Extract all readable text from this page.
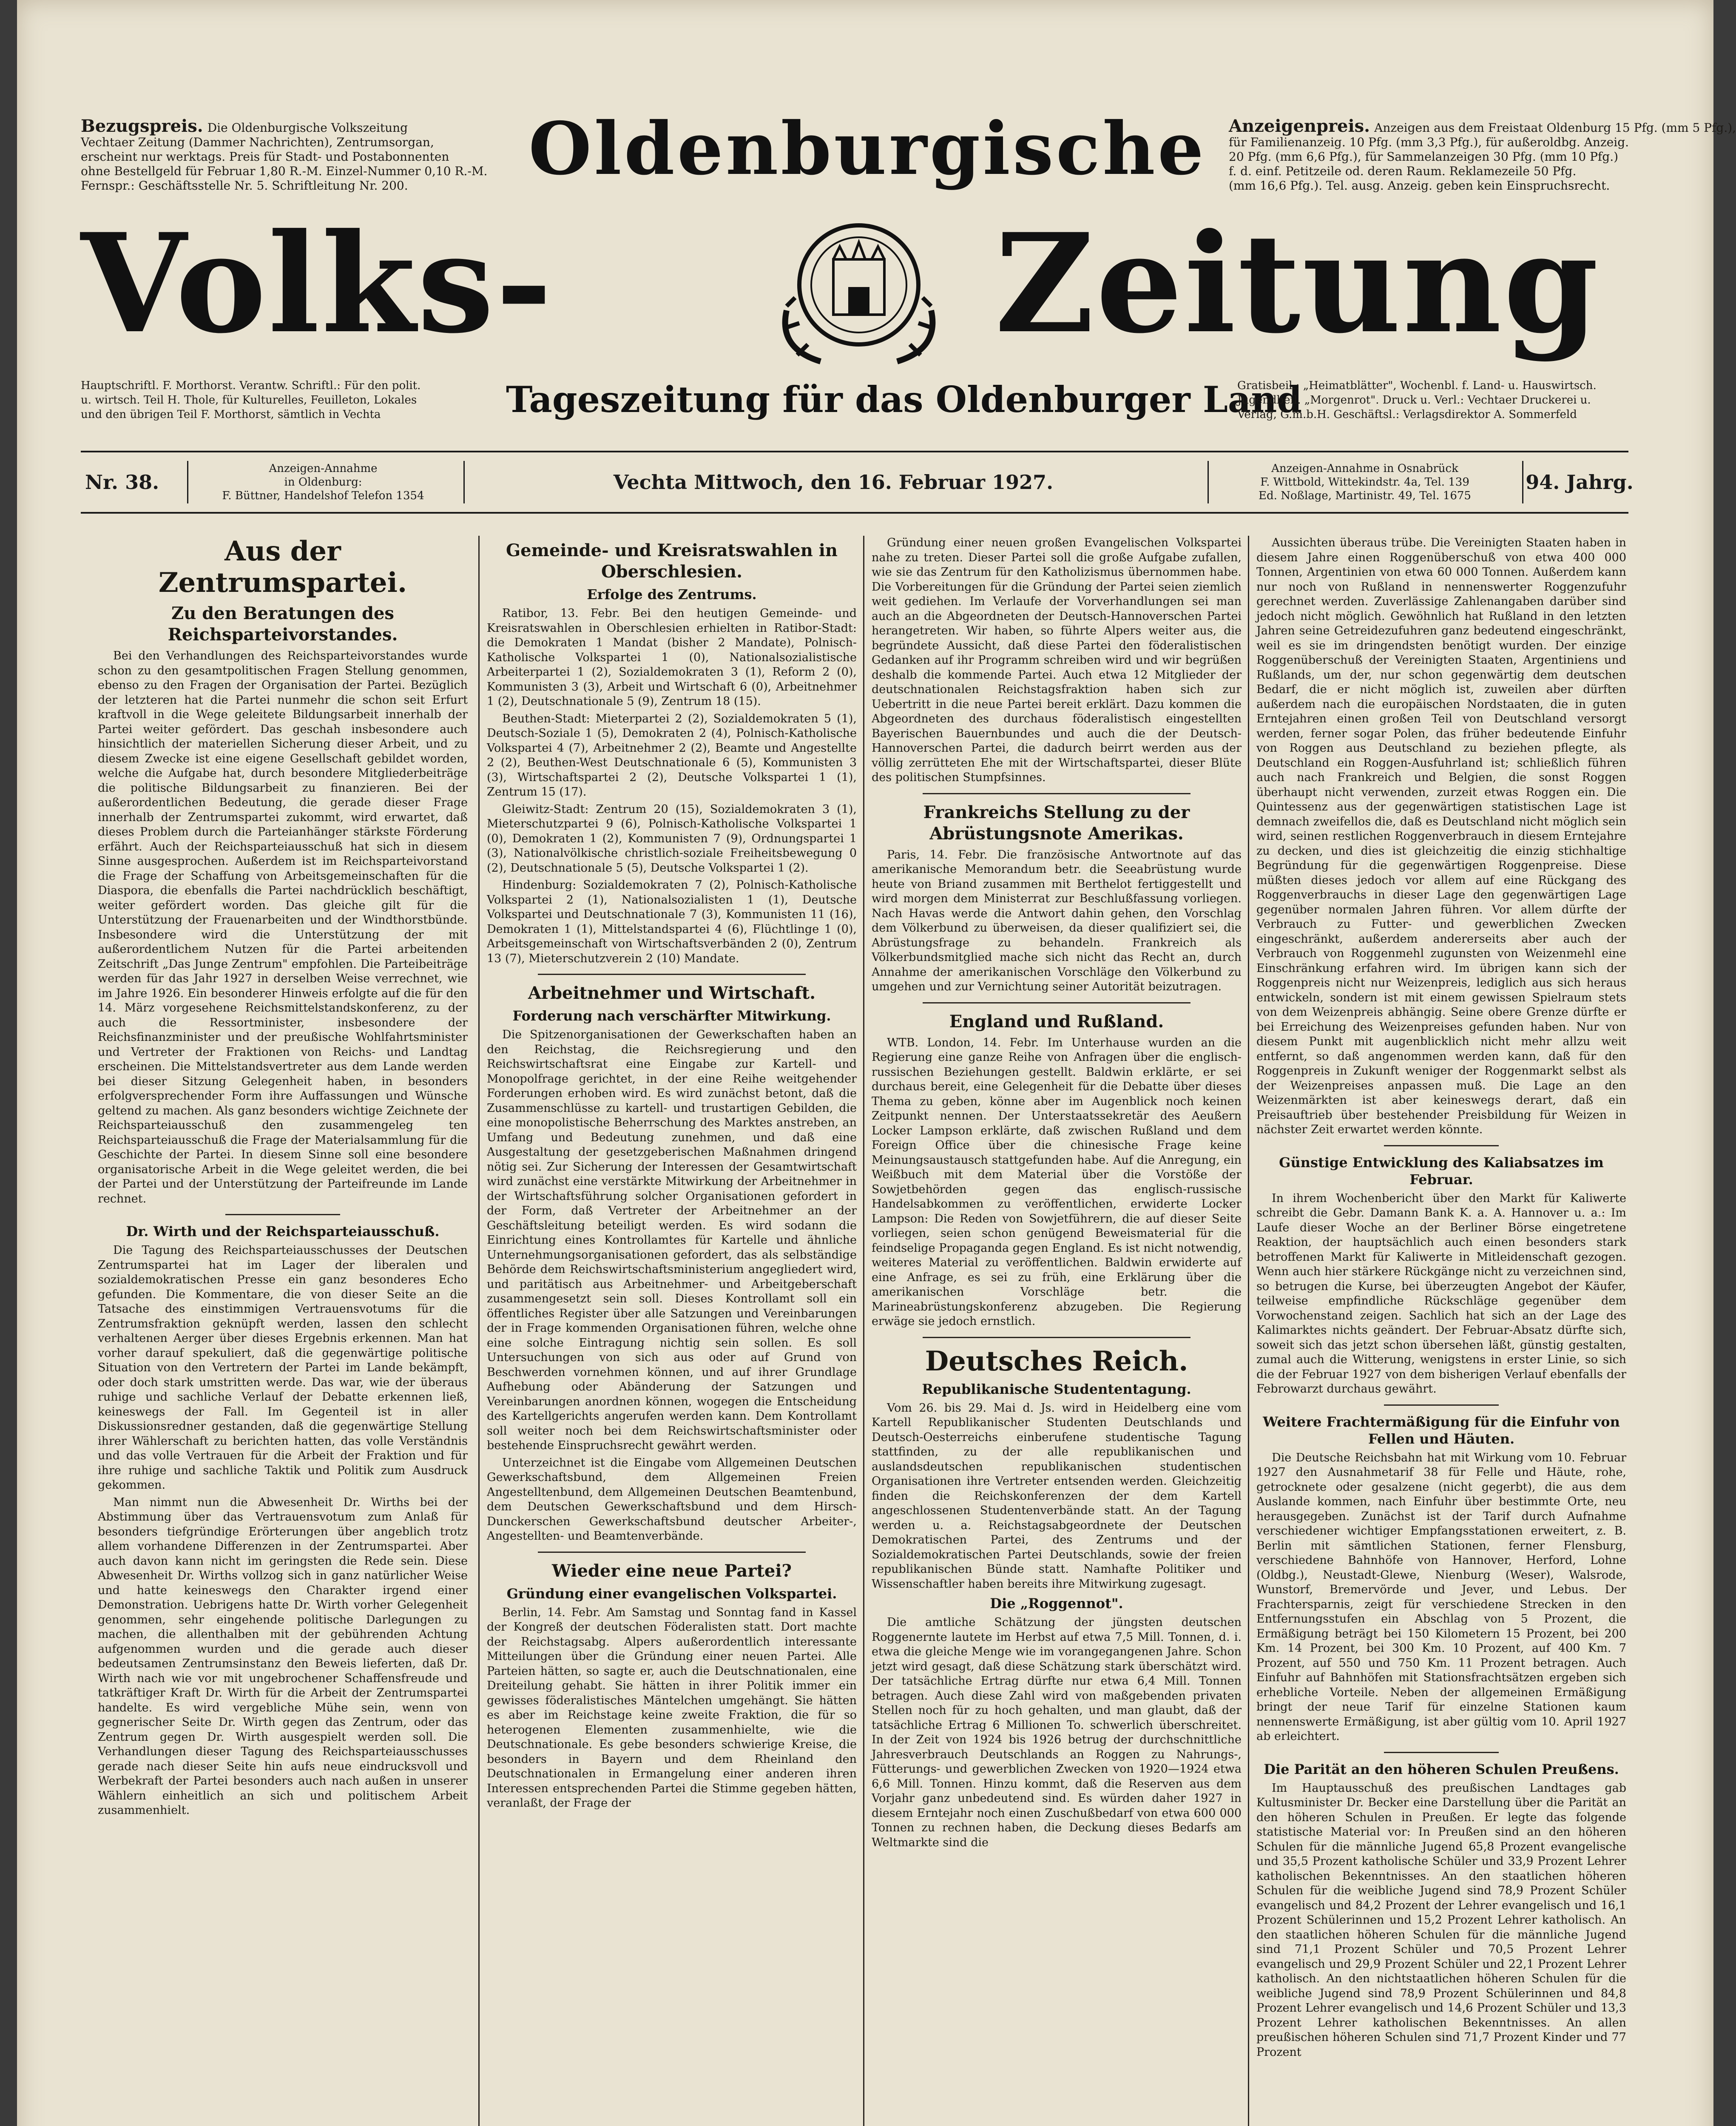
Bezugspreis. Die Oldenburgische Volkszeitung
Vechtaer Zeitung (Dammer Nachrichten), Zentrumsorgan,
erscheint nur werktags. Preis für Stadt- und Postabonnenten
ohne Bestellgeld für Februar 1,80 R.-M. Einzel-Nummer 0,10 R.-M.
Fernspr.: Geschäftsstelle Nr. 5. Schriftleitung Nr. 200.
Anzeigenpreis. Anzeigen aus dem Freistaat Oldenburg 15 Pfg. (mm 5 Pfg.),
für Familienanzeig. 10 Pfg. (mm 3,3 Pfg.), für außeroldbg. Anzeig.
20 Pfg. (mm 6,6 Pfg.), für Sammelanzeigen 30 Pfg. (mm 10 Pfg.)
f. d. einf. Petitzeile od. deren Raum. Reklamezeile 50 Pfg.
(mm 16,6 Pfg.). Tel. ausg. Anzeig. geben kein Einspruchsrecht.
Oldenburgische
Volks-	Zeitung
Tageszeitung für das Oldenburger Land
Hauptschriftl. F. Morthorst. Verantw. Schriftl.: Für den polit.
u. wirtsch. Teil H. Thole, für Kulturelles, Feuilleton, Lokales
und den übrigen Teil F. Morthorst, sämtlich in Vechta
Gratisbeil.: „Heimatblätter", Wochenbl. f. Land- u. Hauswirtsch.
Jugendbeil. „Morgenrot". Druck u. Verl.: Vechtaer Druckerei u.
Verlag, G.m.b.H. Geschäftsl.: Verlagsdirektor A. Sommerfeld
Nr. 38.
Anzeigen-Annahme
in Oldenburg:
F. Büttner, Handelshof Telefon 1354
Vechta Mittwoch, den 16. Februar 1927.
Anzeigen-Annahme in Osnabrück
F. Wittbold, Wittekindstr. 4a, Tel. 139
Ed. Noßlage, Martinistr. 49, Tel. 1675
94. Jahrg.
Aus der Zentrumspartei.
Zu den Beratungen des Reichsparteivorstandes.

Bei den Verhandlungen des Reichsparteivorstandes wurde schon zu den gesamtpolitischen Fragen Stellung genommen, ebenso zu den Fragen der Organisation der Partei. Bezüglich der letzteren hat die Partei nunmehr die schon seit Erfurt kraftvoll in die Wege geleitete Bildungsarbeit innerhalb der Partei weiter gefördert. Das geschah insbesondere auch hinsichtlich der materiellen Sicherung dieser Arbeit, und zu diesem Zwecke ist eine eigene Gesellschaft gebildet worden, welche die Aufgabe hat, durch besondere Mitgliederbeiträge die politische Bildungsarbeit zu finanzieren. Bei der außerordentlichen Bedeutung, die gerade dieser Frage innerhalb der Zentrumspartei zukommt, wird erwartet, daß dieses Problem durch die Parteianhänger stärkste Förderung erfährt. Auch der Reichsparteiausschuß hat sich in diesem Sinne ausgesprochen. Außerdem ist im Reichsparteivorstand die Frage der Schaffung von Arbeitsgemeinschaften für die Diaspora, die ebenfalls die Partei nachdrücklich beschäftigt, weiter gefördert worden. Das gleiche gilt für die Unterstützung der Frauenarbeiten und der Windthorstbünde. Insbesondere wird die Unterstützung der mit außerordentlichem Nutzen für die Partei arbeitenden Zeitschrift „Das Junge Zentrum" empfohlen. Die Parteibeiträge werden für das Jahr 1927 in derselben Weise verrechnet, wie im Jahre 1926. Ein besonderer Hinweis erfolgte auf die für den 14. März vorgesehene Reichsmittelstandskonferenz, zu der auch die Ressortminister, insbesondere der Reichsfinanzminister und der preußische Wohlfahrtsminister und Vertreter der Fraktionen von Reichs- und Landtag erscheinen. Die Mittelstandsvertreter aus dem Lande werden bei dieser Sitzung Gelegenheit haben, in besonders erfolgversprechender Form ihre Auffassungen und Wünsche geltend zu machen. Als ganz besonders wichtige Zeichnete der Reichsparteiausschuß den zusammengeleg ten Reichsparteiausschuß die Frage der Materialsammlung für die Geschichte der Partei. In diesem Sinne soll eine besondere organisatorische Arbeit in die Wege geleitet werden, die bei der Partei und der Unterstützung der Parteifreunde im Lande rechnet.

Dr. Wirth und der Reichsparteiausschuß.

Die Tagung des Reichsparteiausschusses der Deutschen Zentrumspartei hat im Lager der liberalen und sozialdemokratischen Presse ein ganz besonderes Echo gefunden. Die Kommentare, die von dieser Seite an die Tatsache des einstimmigen Vertrauensvotums für die Zentrumsfraktion geknüpft werden, lassen den schlecht verhaltenen Aerger über dieses Ergebnis erkennen. Man hat vorher darauf spekuliert, daß die gegenwärtige politische Situation von den Vertretern der Partei im Lande bekämpft, oder doch stark umstritten werde. Das war, wie der überaus ruhige und sachliche Verlauf der Debatte erkennen ließ, keineswegs der Fall. Im Gegenteil ist in aller Diskussionsredner gestanden, daß die gegenwärtige Stellung ihrer Wählerschaft zu berichten hatten, das volle Verständnis und das volle Vertrauen für die Arbeit der Fraktion und für ihre ruhige und sachliche Taktik und Politik zum Ausdruck gekommen.

Man nimmt nun die Abwesenheit Dr. Wirths bei der Abstimmung über das Vertrauensvotum zum Anlaß für besonders tiefgründige Erörterungen über angeblich trotz allem vorhandene Differenzen in der Zentrumspartei. Aber auch davon kann nicht im geringsten die Rede sein. Diese Abwesenheit Dr. Wirths vollzog sich in ganz natürlicher Weise und hatte keineswegs den Charakter irgend einer Demonstration. Uebrigens hatte Dr. Wirth vorher Gelegenheit genommen, sehr eingehende politische Darlegungen zu machen, die allenthalben mit der gebührenden Achtung aufgenommen wurden und die gerade auch dieser bedeutsamen Zentrumsinstanz den Beweis lieferten, daß Dr. Wirth nach wie vor mit ungebrochener Schaffensfreude und tatkräftiger Kraft Dr. Wirth für die Arbeit der Zentrumspartei handelte. Es wird vergebliche Mühe sein, wenn von gegnerischer Seite Dr. Wirth gegen das Zentrum, oder das Zentrum gegen Dr. Wirth ausgespielt werden soll. Die Verhandlungen dieser Tagung des Reichsparteiausschusses gerade nach dieser Seite hin aufs neue eindrucksvoll und Werbekraft der Partei besonders auch nach außen in unserer Wählern einheitlich an sich und politischem Arbeit zusammenhielt.

Gemeinde- und Kreisratswahlen in Oberschlesien.
Erfolge des Zentrums.

Ratibor, 13. Febr. Bei den heutigen Gemeinde- und Kreisratswahlen in Oberschlesien erhielten in Ratibor-Stadt: die Demokraten 1 Mandat (bisher 2 Mandate), Polnisch-Katholische Volkspartei 1 (0), Nationalsozialistische Arbeiterpartei 1 (2), Sozialdemokraten 3 (1), Reform 2 (0), Kommunisten 3 (3), Arbeit und Wirtschaft 6 (0), Arbeitnehmer 1 (2), Deutschnationale 5 (9), Zentrum 18 (15).

Beuthen-Stadt: Mieterpartei 2 (2), Sozialdemokraten 5 (1), Deutsch-Soziale 1 (5), Demokraten 2 (4), Polnisch-Katholische Volkspartei 4 (7), Arbeitnehmer 2 (2), Beamte und Angestellte 2 (2), Beuthen-West Deutschnationale 6 (5), Kommunisten 3 (3), Wirtschaftspartei 2 (2), Deutsche Volkspartei 1 (1), Zentrum 15 (17).

Gleiwitz-Stadt: Zentrum 20 (15), Sozialdemokraten 3 (1), Mieterschutzpartei 9 (6), Polnisch-Katholische Volkspartei 1 (0), Demokraten 1 (2), Kommunisten 7 (9), Ordnungspartei 1 (3), Nationalvölkische christlich-soziale Freiheitsbewegung 0 (2), Deutschnationale 5 (5), Deutsche Volkspartei 1 (2).

Hindenburg: Sozialdemokraten 7 (2), Polnisch-Katholische Volkspartei 2 (1), Nationalsozialisten 1 (1), Deutsche Volkspartei und Deutschnationale 7 (3), Kommunisten 11 (16), Demokraten 1 (1), Mittelstandspartei 4 (6), Flüchtlinge 1 (0), Arbeitsgemeinschaft von Wirtschaftsverbänden 2 (0), Zentrum 13 (7), Mieterschutzverein 2 (10) Mandate.

Arbeitnehmer und Wirtschaft.
Forderung nach verschärfter Mitwirkung.

Die Spitzenorganisationen der Gewerkschaften haben an den Reichstag, die Reichsregierung und den Reichswirtschaftsrat eine Eingabe zur Kartell- und Monopolfrage gerichtet, in der eine Reihe weitgehender Forderungen erhoben wird. Es wird zunächst betont, daß die Zusammenschlüsse zu kartell- und trustartigen Gebilden, die eine monopolistische Beherrschung des Marktes anstreben, an Umfang und Bedeutung zunehmen, und daß eine Ausgestaltung der gesetzgeberischen Maßnahmen dringend nötig sei. Zur Sicherung der Interessen der Gesamtwirtschaft wird zunächst eine verstärkte Mitwirkung der Arbeitnehmer in der Wirtschaftsführung solcher Organisationen gefordert in der Form, daß Vertreter der Arbeitnehmer an der Geschäftsleitung beteiligt werden. Es wird sodann die Einrichtung eines Kontrollamtes für Kartelle und ähnliche Unternehmungsorganisationen gefordert, das als selbständige Behörde dem Reichswirtschaftsministerium angegliedert wird, und paritätisch aus Arbeitnehmer- und Arbeitgeberschaft zusammengesetzt sein soll. Dieses Kontrollamt soll ein öffentliches Register über alle Satzungen und Vereinbarungen der in Frage kommenden Organisationen führen, welche ohne eine solche Eintragung nichtig sein sollen. Es soll Untersuchungen von sich aus oder auf Grund von Beschwerden vornehmen können, und auf ihrer Grundlage Aufhebung oder Abänderung der Satzungen und Vereinbarungen anordnen können, wogegen die Entscheidung des Kartellgerichts angerufen werden kann. Dem Kontrollamt soll weiter noch bei dem Reichswirtschaftsminister oder bestehende Einspruchsrecht gewährt werden.

Unterzeichnet ist die Eingabe vom Allgemeinen Deutschen Gewerkschaftsbund, dem Allgemeinen Freien Angestelltenbund, dem Allgemeinen Deutschen Beamtenbund, dem Deutschen Gewerkschaftsbund und dem Hirsch-Dunckerschen Gewerkschaftsbund deutscher Arbeiter-, Angestellten- und Beamtenverbände.

Wieder eine neue Partei?
Gründung einer evangelischen Volkspartei.

Berlin, 14. Febr. Am Samstag und Sonntag fand in Kassel der Kongreß der deutschen Föderalisten statt. Dort machte der Reichstagsabg. Alpers außerordentlich interessante Mitteilungen über die Gründung einer neuen Partei. Alle Parteien hätten, so sagte er, auch die Deutschnationalen, eine Dreiteilung gehabt. Sie hätten in ihrer Politik immer ein gewisses föderalistisches Mäntelchen umgehängt. Sie hätten es aber im Reichstage keine zweite Fraktion, die für so heterogenen Elementen zusammenhielte, wie die Deutschnationale. Es gebe besonders schwierige Kreise, die besonders in Bayern und dem Rheinland den Deutschnationalen in Ermangelung einer anderen ihren Interessen entsprechenden Partei die Stimme gegeben hätten, veranlaßt, der Frage der

Gründung einer neuen großen Evangelischen Volkspartei nahe zu treten. Dieser Partei soll die große Aufgabe zufallen, wie sie das Zentrum für den Katholizismus übernommen habe. Die Vorbereitungen für die Gründung der Partei seien ziemlich weit gediehen. Im Verlaufe der Vorverhandlungen sei man auch an die Abgeordneten der Deutsch-Hannoverschen Partei herangetreten. Wir haben, so führte Alpers weiter aus, die begründete Aussicht, daß diese Partei den föderalistischen Gedanken auf ihr Programm schreiben wird und wir begrüßen deshalb die kommende Partei. Auch etwa 12 Mitglieder der deutschnationalen Reichstagsfraktion haben sich zur Uebertritt in die neue Partei bereit erklärt. Dazu kommen die Abgeordneten des durchaus föderalistisch eingestellten Bayerischen Bauernbundes und auch die der Deutsch-Hannoverschen Partei, die dadurch beirrt werden aus der völlig zerrütteten Ehe mit der Wirtschaftspartei, dieser Blüte des politischen Stumpfsinnes.

Frankreichs Stellung zu der Abrüstungsnote Amerikas.

Paris, 14. Febr. Die französische Antwortnote auf das amerikanische Memorandum betr. die Seeabrüstung wurde heute von Briand zusammen mit Berthelot fertiggestellt und wird morgen dem Ministerrat zur Beschlußfassung vorliegen. Nach Havas werde die Antwort dahin gehen, den Vorschlag dem Völkerbund zu überweisen, da dieser qualifiziert sei, die Abrüstungsfrage zu behandeln. Frankreich als Völkerbundsmitglied mache sich nicht das Recht an, durch Annahme der amerikanischen Vorschläge den Völkerbund zu umgehen und zur Vernichtung seiner Autorität beizutragen.

England und Rußland.

WTB. London, 14. Febr. Im Unterhause wurden an die Regierung eine ganze Reihe von Anfragen über die englisch-russischen Beziehungen gestellt. Baldwin erklärte, er sei durchaus bereit, eine Gelegenheit für die Debatte über dieses Thema zu geben, könne aber im Augenblick noch keinen Zeitpunkt nennen. Der Unterstaatssekretär des Aeußern Locker Lampson erklärte, daß zwischen Rußland und dem Foreign Office über die chinesische Frage keine Meinungsaustausch stattgefunden habe. Auf die Anregung, ein Weißbuch mit dem Material über die Vorstöße der Sowjetbehörden gegen das englisch-russische Handelsabkommen zu veröffentlichen, erwiderte Locker Lampson: Die Reden von Sowjetführern, die auf dieser Seite vorliegen, seien schon genügend Beweismaterial für die feindselige Propaganda gegen England. Es ist nicht notwendig, weiteres Material zu veröffentlichen. Baldwin erwiderte auf eine Anfrage, es sei zu früh, eine Erklärung über die amerikanischen Vorschläge betr. die Marineabrüstungskonferenz abzugeben. Die Regierung erwäge sie jedoch ernstlich.

Deutsches Reich.
Republikanische Studententagung.

Vom 26. bis 29. Mai d. Js. wird in Heidelberg eine vom Kartell Republikanischer Studenten Deutschlands und Deutsch-Oesterreichs einberufene studentische Tagung stattfinden, zu der alle republikanischen und auslandsdeutschen republikanischen studentischen Organisationen ihre Vertreter entsenden werden. Gleichzeitig finden die Reichskonferenzen der dem Kartell angeschlossenen Studentenverbände statt. An der Tagung werden u. a. Reichstagsabgeordnete der Deutschen Demokratischen Partei, des Zentrums und der Sozialdemokratischen Partei Deutschlands, sowie der freien republikanischen Bünde statt. Namhafte Politiker und Wissenschaftler haben bereits ihre Mitwirkung zugesagt.

Die „Roggennot".

Die amtliche Schätzung der jüngsten deutschen Roggenernte lautete im Herbst auf etwa 7,5 Mill. Tonnen, d. i. etwa die gleiche Menge wie im vorangegangenen Jahre. Schon jetzt wird gesagt, daß diese Schätzung stark überschätzt wird. Der tatsächliche Ertrag dürfte nur etwa 6,4 Mill. Tonnen betragen. Auch diese Zahl wird von maßgebenden privaten Stellen noch für zu hoch gehalten, und man glaubt, daß der tatsächliche Ertrag 6 Millionen To. schwerlich überschreitet. In der Zeit von 1924 bis 1926 betrug der durchschnittliche Jahresverbrauch Deutschlands an Roggen zu Nahrungs-, Fütterungs- und gewerblichen Zwecken von 1920—1924 etwa 6,6 Mill. Tonnen. Hinzu kommt, daß die Reserven aus dem Vorjahr ganz unbedeutend sind. Es würden daher 1927 in diesem Erntejahr noch einen Zuschußbedarf von etwa 600 000 Tonnen zu rechnen haben, die Deckung dieses Bedarfs am Weltmarkte sind die

Aussichten überaus trübe. Die Vereinigten Staaten haben in diesem Jahre einen Roggenüberschuß von etwa 400 000 Tonnen, Argentinien von etwa 60 000 Tonnen. Außerdem kann nur noch von Rußland in nennenswerter Roggenzufuhr gerechnet werden. Zuverlässige Zahlenangaben darüber sind jedoch nicht möglich. Gewöhnlich hat Rußland in den letzten Jahren seine Getreidezufuhren ganz bedeutend eingeschränkt, weil es sie im dringendsten benötigt wurden. Der einzige Roggenüberschuß der Vereinigten Staaten, Argentiniens und Rußlands, um der, nur schon gegenwärtig dem deutschen Bedarf, die er nicht möglich ist, zuweilen aber dürften außerdem nach die europäischen Nordstaaten, die in guten Erntejahren einen großen Teil von Deutschland versorgt werden, ferner sogar Polen, das früher bedeutende Einfuhr von Roggen aus Deutschland zu beziehen pflegte, als Deutschland ein Roggen-Ausfuhrland ist; schließlich führen auch nach Frankreich und Belgien, die sonst Roggen überhaupt nicht verwenden, zurzeit etwas Roggen ein. Die Quintessenz aus der gegenwärtigen statistischen Lage ist demnach zweifellos die, daß es Deutschland nicht möglich sein wird, seinen restlichen Roggenverbrauch in diesem Erntejahre zu decken, und dies ist gleichzeitig die einzig stichhaltige Begründung für die gegenwärtigen Roggenpreise. Diese müßten dieses jedoch vor allem auf eine Rückgang des Roggenverbrauchs in dieser Lage den gegenwärtigen Lage gegenüber normalen Jahren führen. Vor allem dürfte der Verbrauch zu Futter- und gewerblichen Zwecken eingeschränkt, außerdem andererseits aber auch der Verbrauch von Roggenmehl zugunsten von Weizenmehl eine Einschränkung erfahren wird. Im übrigen kann sich der Roggenpreis nicht nur Weizenpreis, lediglich aus sich heraus entwickeln, sondern ist mit einem gewissen Spielraum stets von dem Weizenpreis abhängig. Seine obere Grenze dürfte er bei Erreichung des Weizenpreises gefunden haben. Nur von diesem Punkt mit augenblicklich nicht mehr allzu weit entfernt, so daß angenommen werden kann, daß für den Roggenpreis in Zukunft weniger der Roggenmarkt selbst als der Weizenpreises anpassen muß. Die Lage an den Weizenmärkten ist aber keineswegs derart, daß ein Preisauftrieb über bestehender Preisbildung für Weizen in nächster Zeit erwartet werden könnte.

Günstige Entwicklung des Kaliabsatzes im Februar.

In ihrem Wochenbericht über den Markt für Kaliwerte schreibt die Gebr. Damann Bank K. a. A. Hannover u. a.: Im Laufe dieser Woche an der Berliner Börse eingetretene Reaktion, der hauptsächlich auch einen besonders stark betroffenen Markt für Kaliwerte in Mitleidenschaft gezogen. Wenn auch hier stärkere Rückgänge nicht zu verzeichnen sind, so betrugen die Kurse, bei überzeugten Angebot der Käufer, teilweise empfindliche Rückschläge gegenüber dem Vorwochenstand zeigen. Sachlich hat sich an der Lage des Kalimarktes nichts geändert. Der Februar-Absatz dürfte sich, soweit sich das jetzt schon übersehen läßt, günstig gestalten, zumal auch die Witterung, wenigstens in erster Linie, so sich die der Februar 1927 von dem bisherigen Verlauf ebenfalls der Febrowarzt durchaus gewährt.

Weitere Frachtermäßigung für die Einfuhr von Fellen und Häuten.

Die Deutsche Reichsbahn hat mit Wirkung vom 10. Februar 1927 den Ausnahmetarif 38 für Felle und Häute, rohe, getrocknete oder gesalzene (nicht gegerbt), die aus dem Auslande kommen, nach Einfuhr über bestimmte Orte, neu herausgegeben. Zunächst ist der Tarif durch Aufnahme verschiedener wichtiger Empfangsstationen erweitert, z. B. Berlin mit sämtlichen Stationen, ferner Flensburg, verschiedene Bahnhöfe von Hannover, Herford, Lohne (Oldbg.), Neustadt-Glewe, Nienburg (Weser), Walsrode, Wunstorf, Bremervörde und Jever, und Lebus. Der Frachtersparnis, zeigt für verschiedene Strecken in den Entfernungsstufen ein Abschlag von 5 Prozent, die Ermäßigung beträgt bei 150 Kilometern 15 Prozent, bei 200 Km. 14 Prozent, bei 300 Km. 10 Prozent, auf 400 Km. 7 Prozent, auf 550 und 750 Km. 11 Prozent betragen. Auch Einfuhr auf Bahnhöfen mit Stationsfrachtsätzen ergeben sich erhebliche Vorteile. Neben der allgemeinen Ermäßigung bringt der neue Tarif für einzelne Stationen kaum nennenswerte Ermäßigung, ist aber gültig vom 10. April 1927 ab erleichtert.

Die Parität an den höheren Schulen Preußens.

Im Hauptausschuß des preußischen Landtages gab Kultusminister Dr. Becker eine Darstellung über die Parität an den höheren Schulen in Preußen. Er legte das folgende statistische Material vor: In Preußen sind an den höheren Schulen für die männliche Jugend 65,8 Prozent evangelische und 35,5 Prozent katholische Schüler und 33,9 Prozent Lehrer katholischen Bekenntnisses. An den staatlichen höheren Schulen für die weibliche Jugend sind 78,9 Prozent Schüler evangelisch und 84,2 Prozent der Lehrer evangelisch und 16,1 Prozent Schülerinnen und 15,2 Prozent Lehrer katholisch. An den staatlichen höheren Schulen für die männliche Jugend sind 71,1 Prozent Schüler und 70,5 Prozent Lehrer evangelisch und 29,9 Prozent Schüler und 22,1 Prozent Lehrer katholisch. An den nichtstaatlichen höheren Schulen für die weibliche Jugend sind 78,9 Prozent Schülerinnen und 84,8 Prozent Lehrer evangelisch und 14,6 Prozent Schüler und 13,3 Prozent Lehrer katholischen Bekenntnisses. An allen preußischen höheren Schulen sind 71,7 Prozent Kinder und 77 Prozent
